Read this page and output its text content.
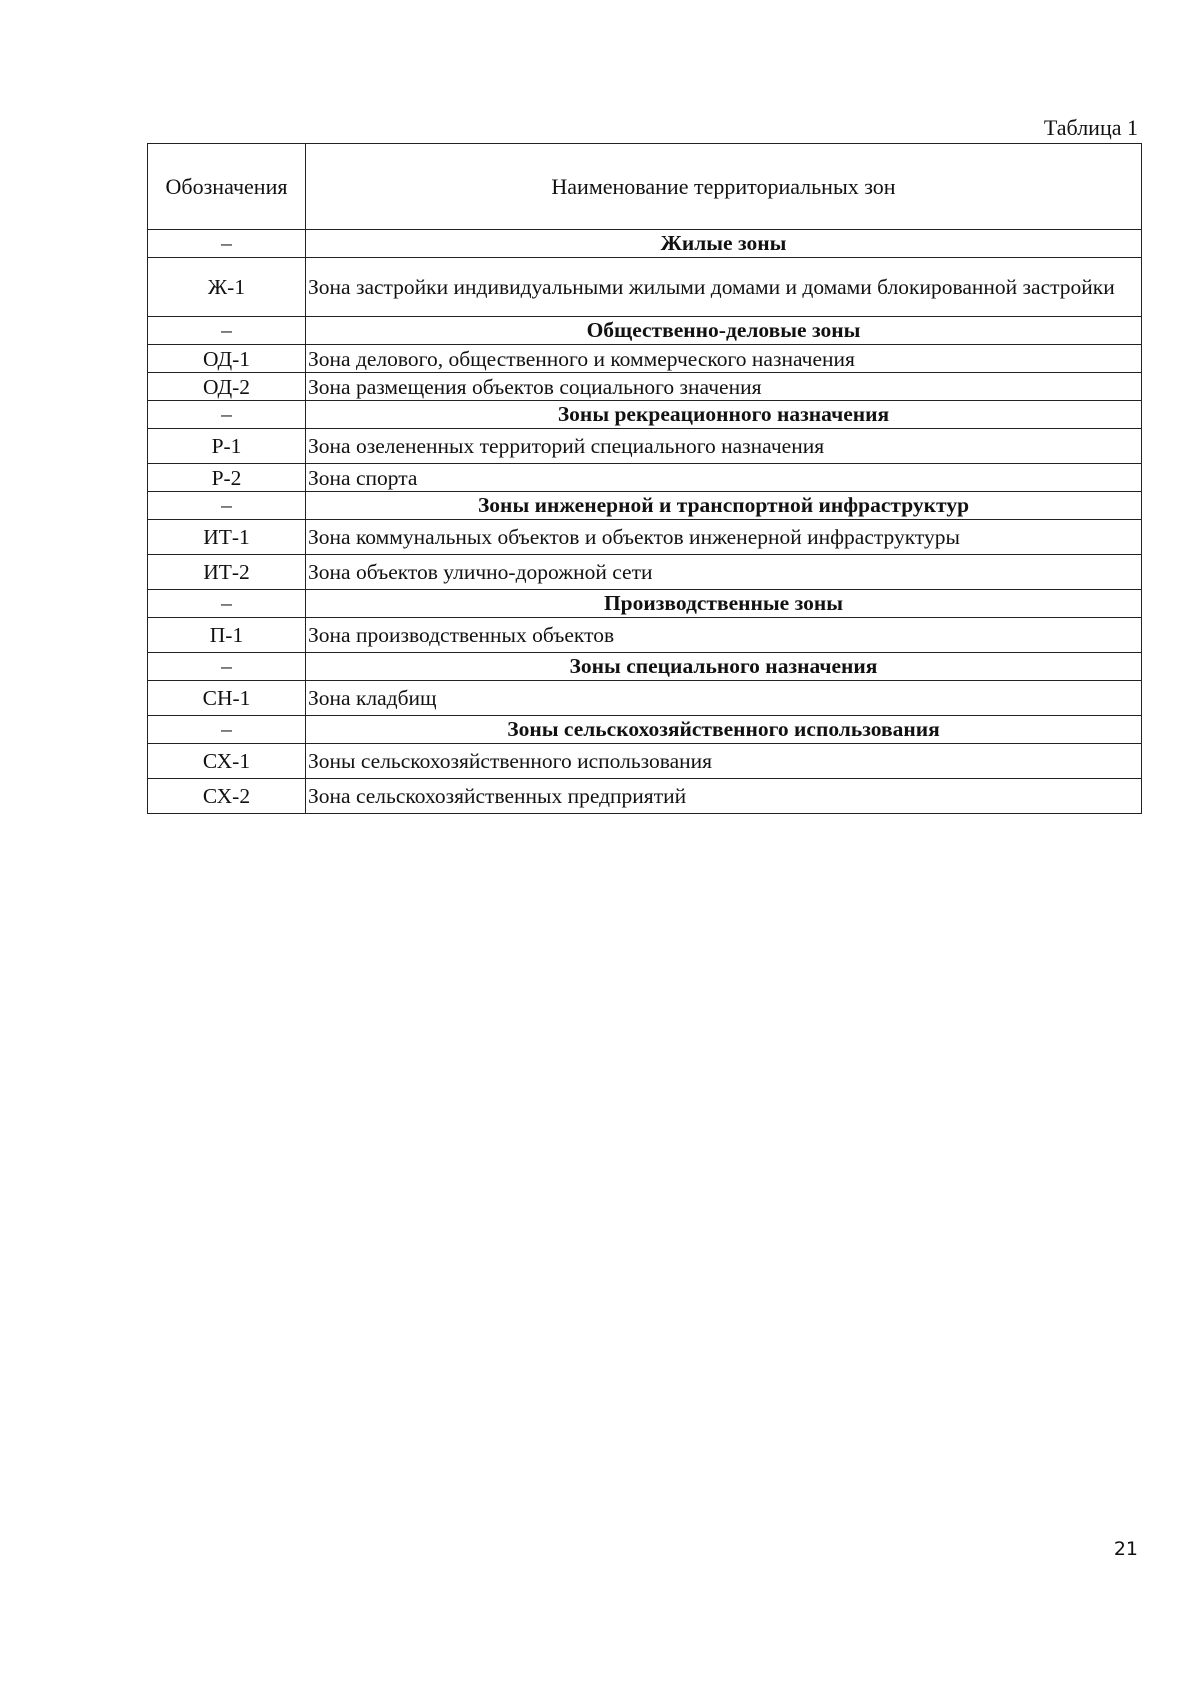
Таблица 1
Обозначения	Наименование территориальных зон
–	Жилые зоны
Ж-1	Зона застройки индивидуальными жилыми домами и домами блокированной застройки
–	Общественно-деловые зоны
ОД-1	Зона делового, общественного и коммерческого назначения
ОД-2	Зона размещения объектов социального значения
–	Зоны рекреационного назначения
Р-1	Зона озелененных территорий специального назначения
Р-2	Зона спорта
–	Зоны инженерной и транспортной инфраструктур
ИТ-1	Зона коммунальных объектов и объектов инженерной инфраструктуры
ИТ-2	Зона объектов улично-дорожной сети
–	Производственные зоны
П-1	Зона производственных объектов
–	Зоны специального назначения
СН-1	Зона кладбищ
–	Зоны сельскохозяйственного использования
СХ-1	Зоны сельскохозяйственного использования
СХ-2	Зона сельскохозяйственных предприятий
21
